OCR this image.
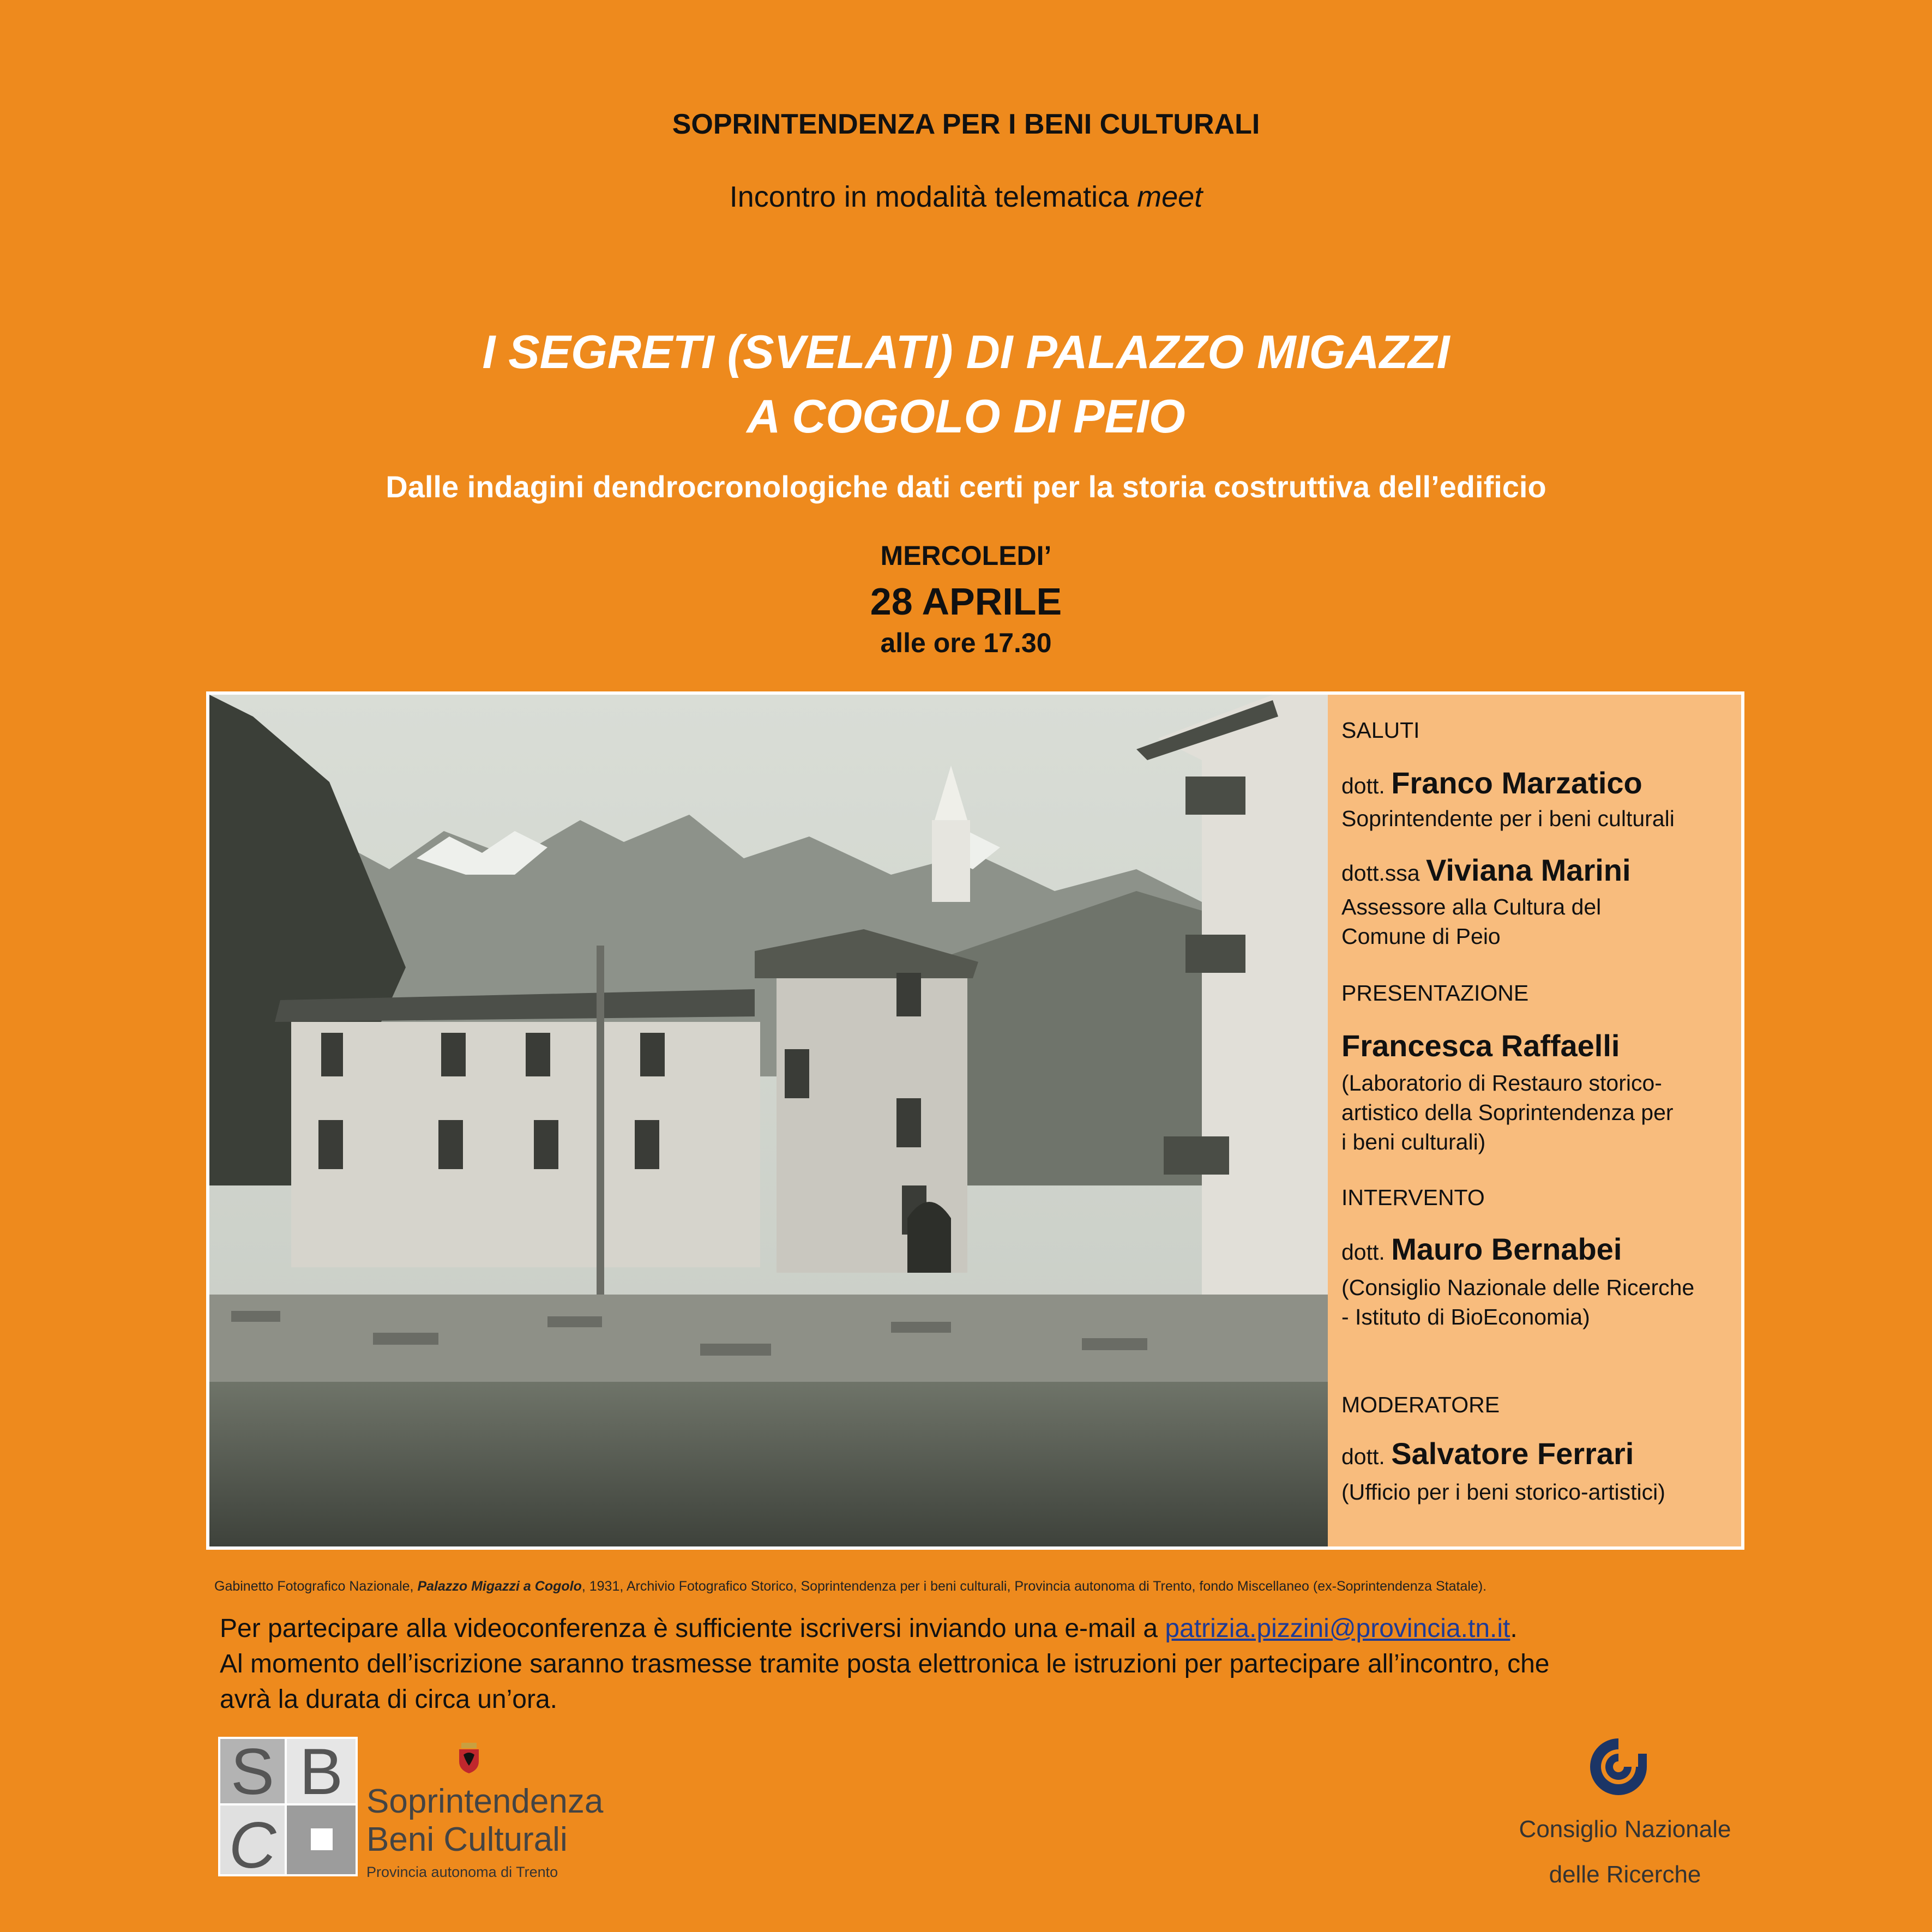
SOPRINTENDENZA PER I BENI CULTURALI
Incontro in modalità telematica meet
I SEGRETI (SVELATI) DI PALAZZO MIGAZZI
A COGOLO DI PEIO
Dalle indagini dendrocronologiche dati certi per la storia costruttiva dell’edificio
MERCOLEDI’
28 APRILE
alle ore 17.30
SALUTI
dott. Franco Marzatico
Soprintendente per i beni culturali
dott.ssa Viviana Marini
Assessore alla Cultura del
Comune di Peio
PRESENTAZIONE
Francesca Raffaelli
(Laboratorio di Restauro storico-
artistico della Soprintendenza per
i beni culturali)
INTERVENTO
dott. Mauro Bernabei
(Consiglio Nazionale delle Ricerche
- Istituto di BioEconomia)
MODERATORE
dott. Salvatore Ferrari
(Ufficio per i beni storico-artistici)
Gabinetto Fotografico Nazionale, Palazzo Migazzi a Cogolo, 1931, Archivio Fotografico Storico, Soprintendenza per i beni culturali, Provincia autonoma di Trento, fondo Miscellaneo (ex-Soprintendenza Statale).
Per partecipare alla videoconferenza è sufficiente iscriversi inviando una e-mail a patrizia.pizzini@provincia.tn.it.
Al momento dell’iscrizione saranno trasmesse tramite posta elettronica le istruzioni per partecipare all’incontro, che
avrà la durata di circa un’ora.
S B
C
Soprintendenza
Beni Culturali
Provincia autonoma di Trento
Consiglio Nazionale
delle Ricerche
